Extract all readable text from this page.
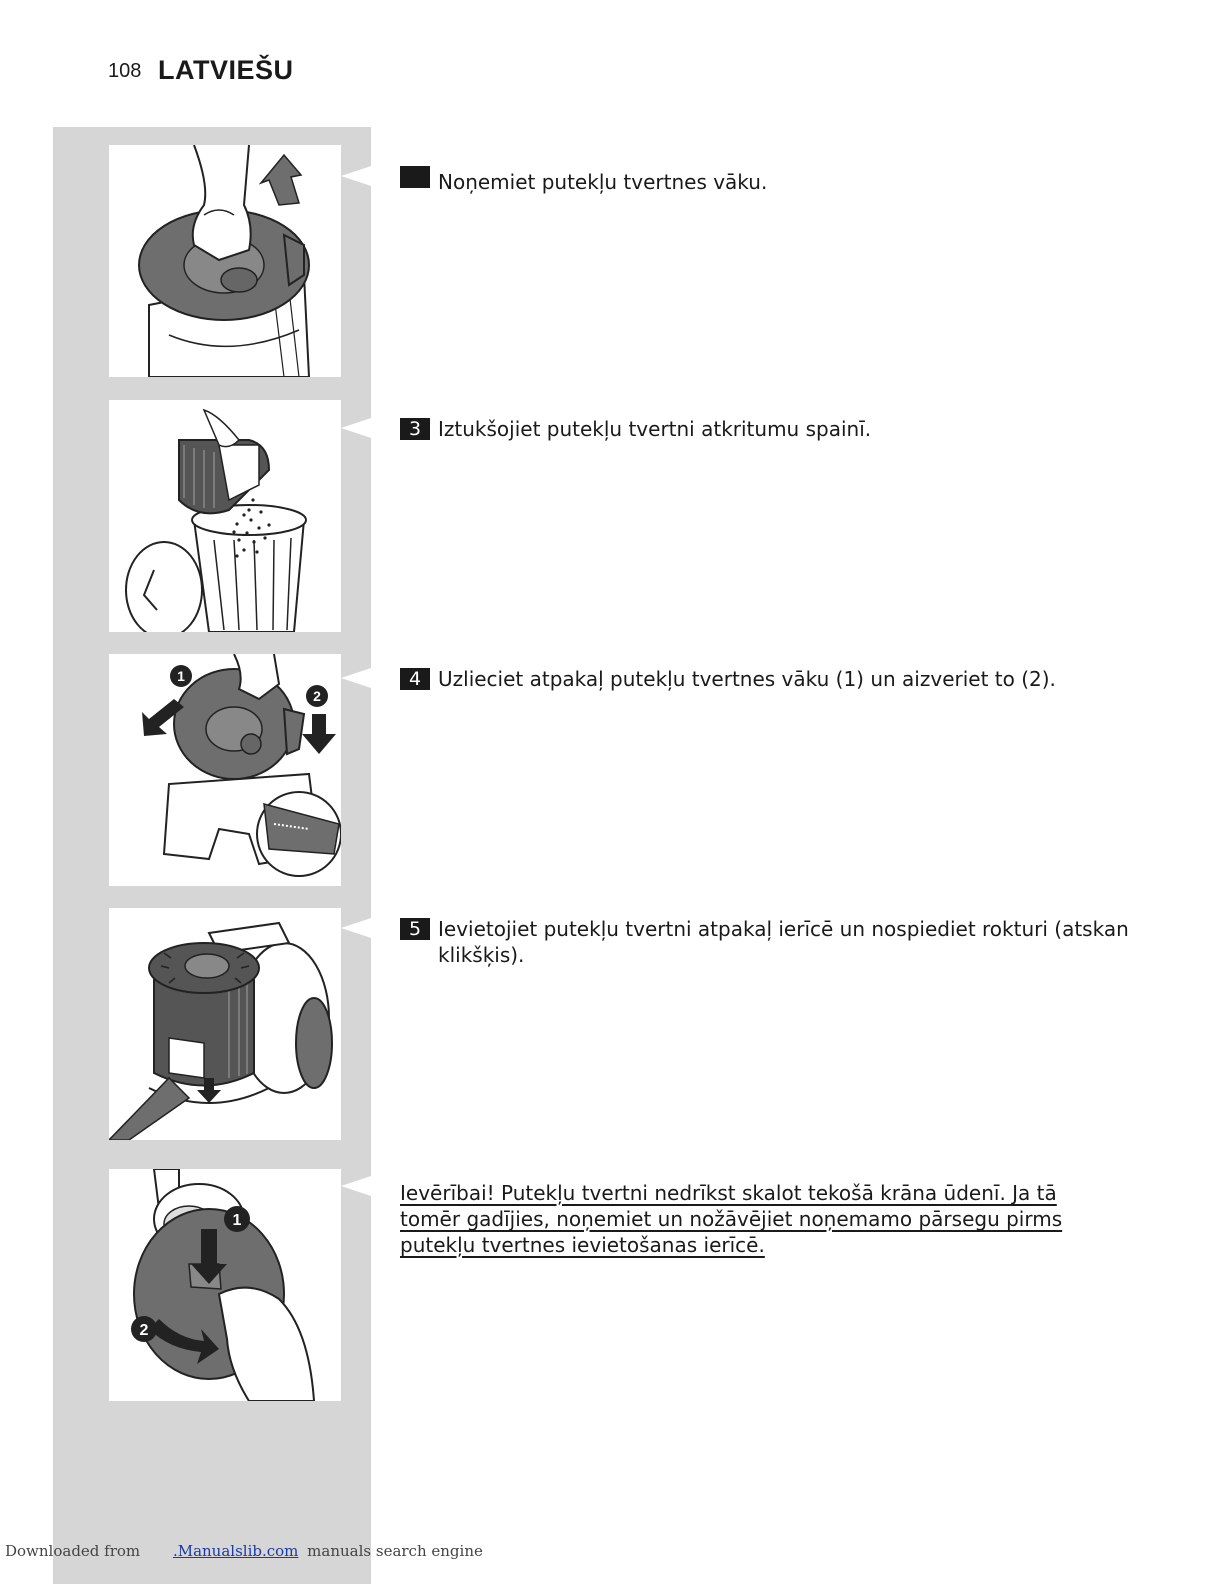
108 LATVIEŠU
1
2
1
2
Noņemiet putekļu tvertnes vāku.
3 Iztukšojiet putekļu tvertni atkritumu spainī.
4 Uzlieciet atpakaļ putekļu tvertnes vāku (1) un aizveriet to (2).
5 Ievietojiet putekļu tvertni atpakaļ ierīcē un nospiediet rokturi (atskan klikšķis).
Ievērībai! Putekļu tvertni nedrīkst skalot tekošā krāna ūdenī. Ja tā tomēr gadījies, noņemiet un nožāvējiet noņemamo pārsegu pirms putekļu tvertnes ievietošanas ierīcē.
Downloaded from .Manualslib.com manuals search engine
